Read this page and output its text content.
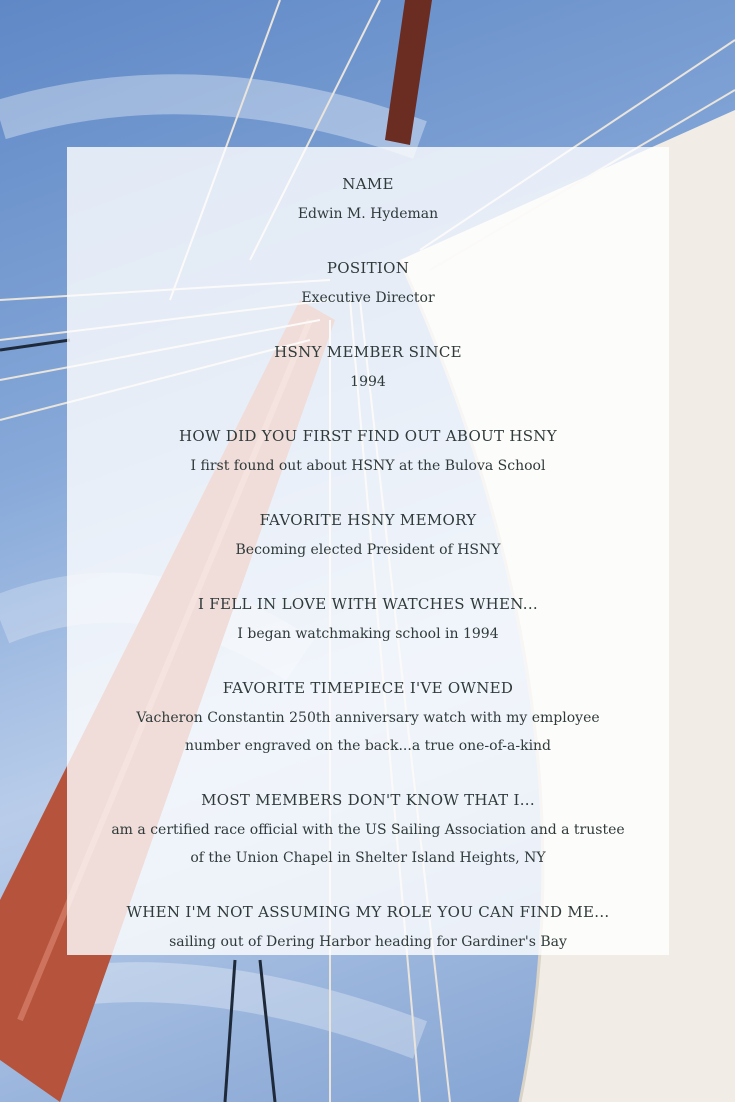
NAME
Edwin M. Hydeman
POSITION
Executive Director
HSNY MEMBER SINCE
1994
HOW DID YOU FIRST FIND OUT ABOUT HSNY
I first found out about HSNY at the Bulova School
FAVORITE HSNY MEMORY
Becoming elected President of HSNY
I FELL IN LOVE WITH WATCHES WHEN...
I began watchmaking school in 1994
FAVORITE TIMEPIECE I'VE OWNED
Vacheron Constantin 250th anniversary watch with my employee
number engraved on the back...a true one-of-a-kind
MOST MEMBERS DON'T KNOW THAT I...
am a certified race official with the US Sailing Association and a trustee
of the Union Chapel in Shelter Island Heights, NY
WHEN I'M NOT ASSUMING MY ROLE YOU CAN FIND ME...
sailing out of Dering Harbor heading for Gardiner's Bay
